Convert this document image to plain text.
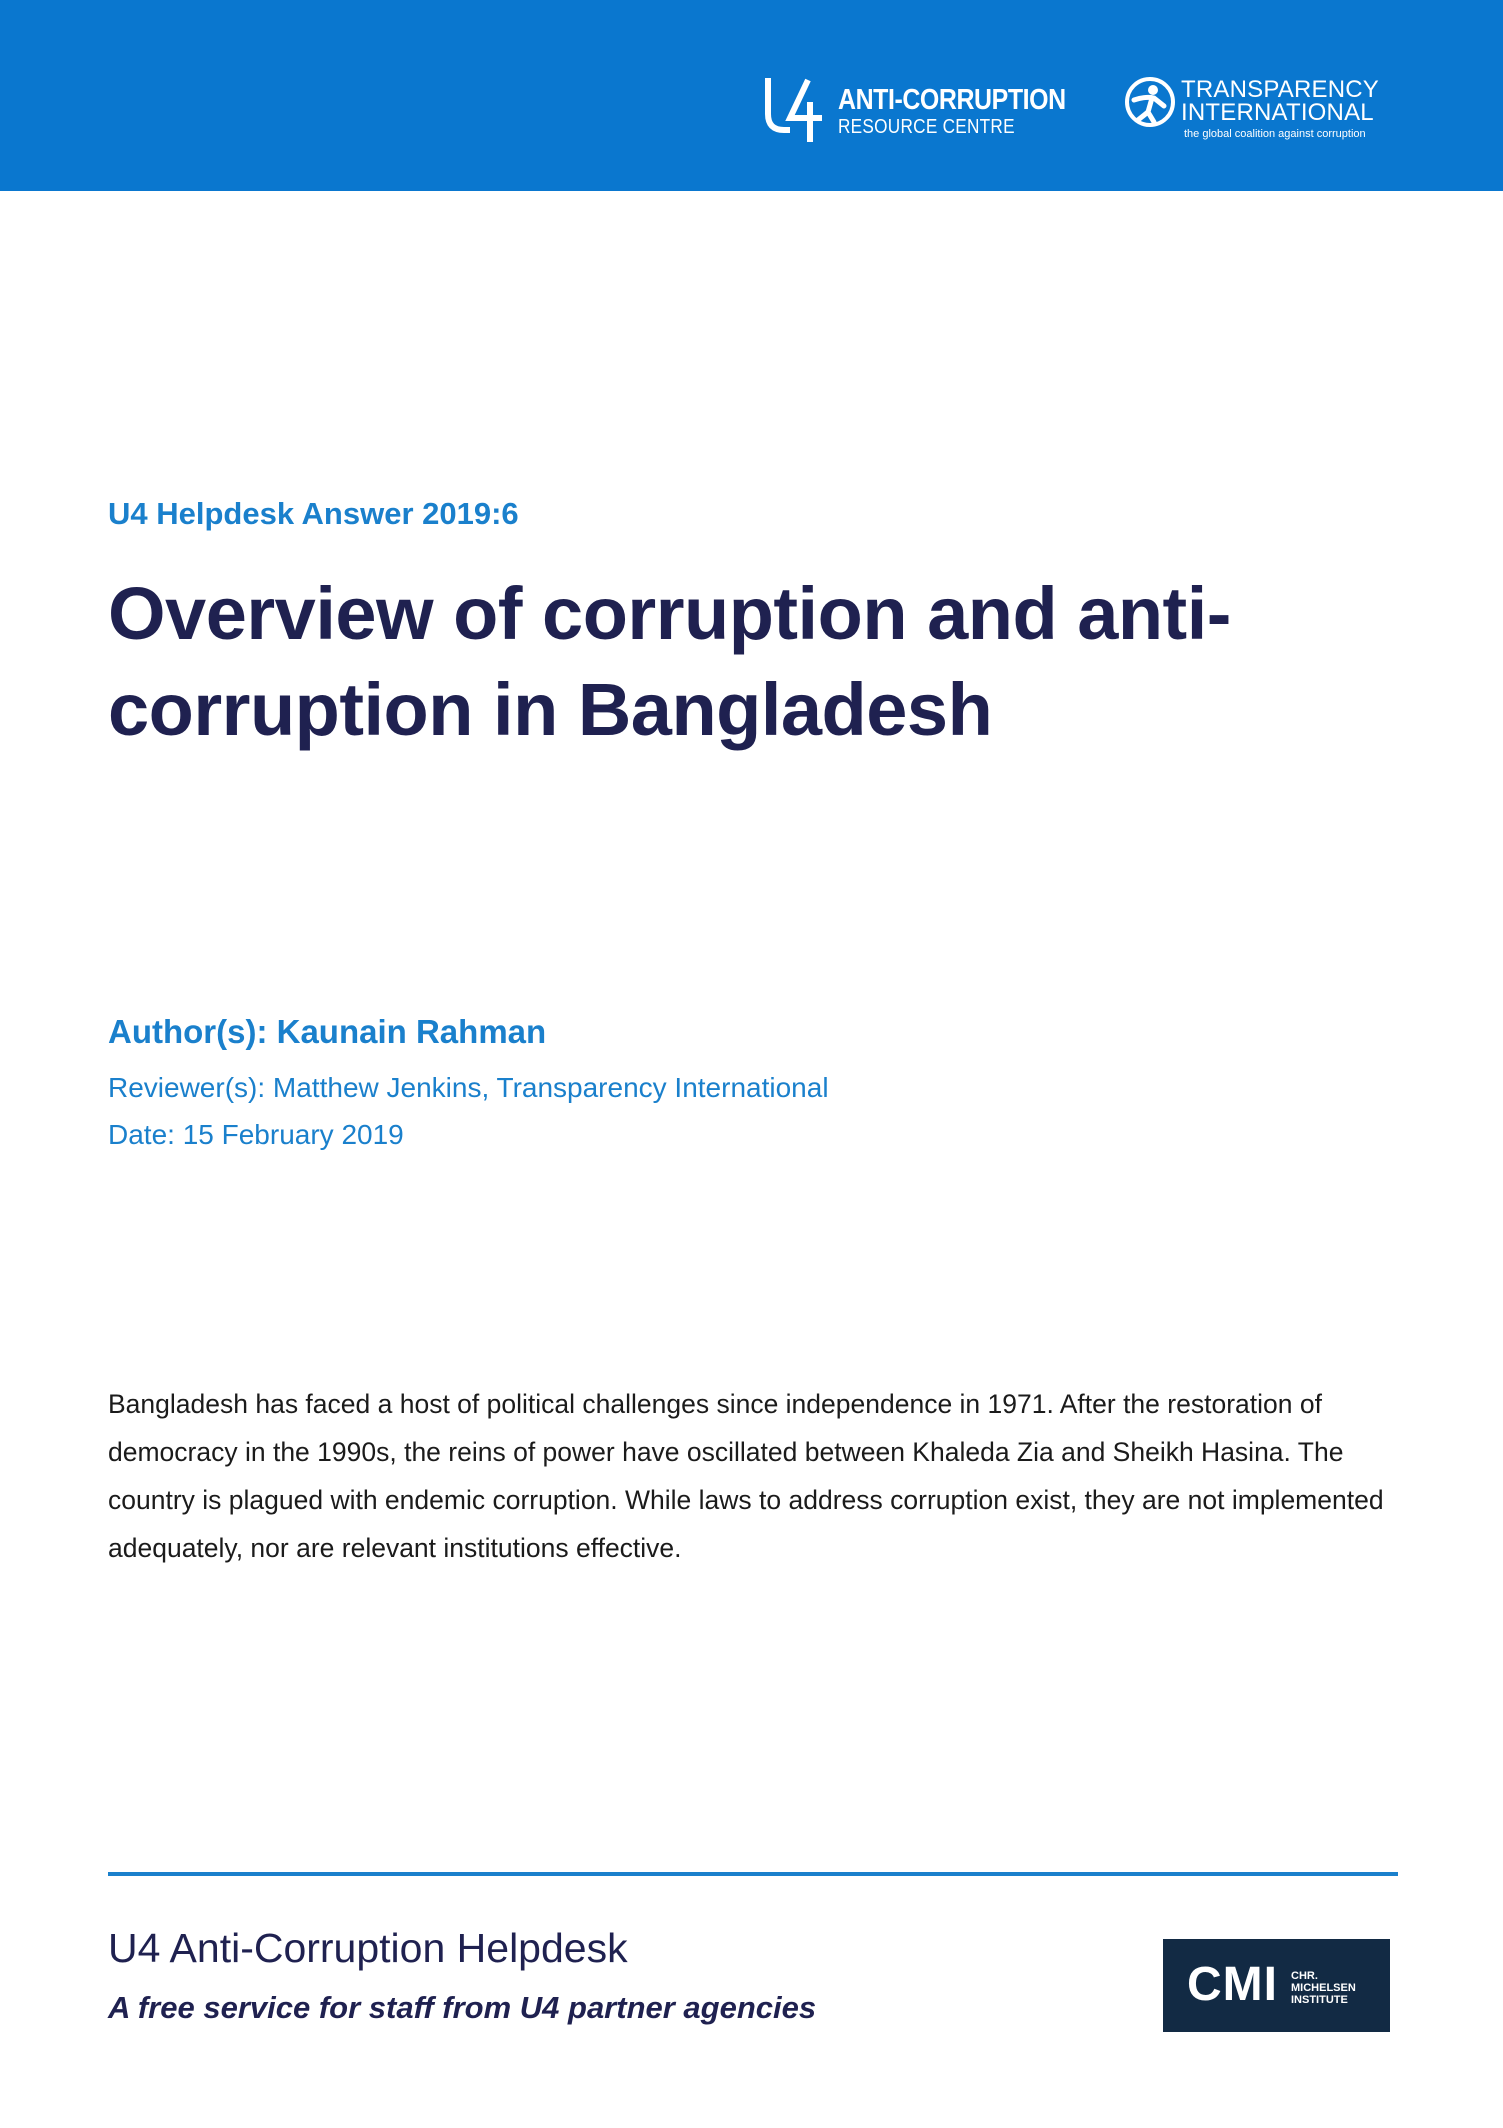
ANTI-CORRUPTION
RESOURCE CENTRE
TRANSPARENCY
INTERNATIONAL
the global coalition against corruption
U4 Helpdesk Answer 2019:6
Overview of corruption and anti-corruption in Bangladesh
Author(s): Kaunain Rahman
Reviewer(s): Matthew Jenkins, Transparency International
Date: 15 February 2019

Bangladesh has faced a host of political challenges since independence in 1971. After the restoration of democracy in the 1990s, the reins of power have oscillated between Khaleda Zia and Sheikh Hasina. The country is plagued with endemic corruption. While laws to address corruption exist, they are not implemented adequately, nor are relevant institutions effective.

U4 Anti-Corruption Helpdesk
A free service for staff from U4 partner agencies	CMI CHR.
MICHELSEN
INSTITUTE
